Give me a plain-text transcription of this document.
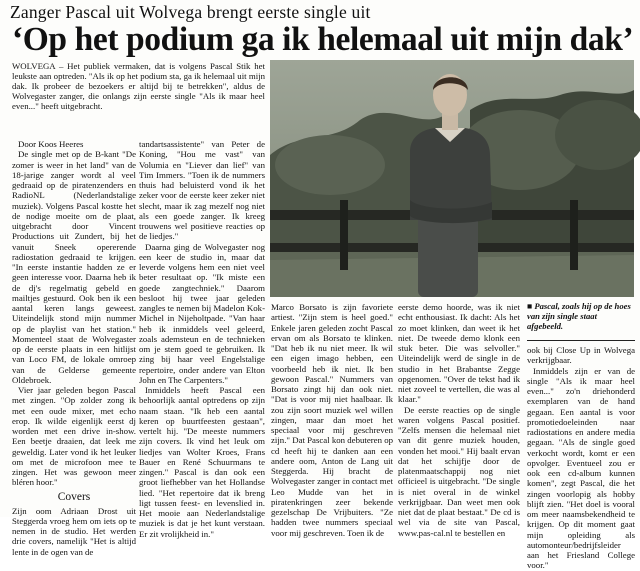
Zanger Pascal uit Wolvega brengt eerste single uit
‘Op het podium ga ik helemaal uit mijn dak’
WOLVEGA – Het publiek vermaken, dat is volgens Pascal Stik het leukste aan optreden. "Als ik op het podium sta, ga ik helemaal uit mijn dak. Ik probeer de bezoekers er altijd bij te betrekken", aldus de Wolvegaster zanger, die onlangs zijn eerste single "Als ik maar heel even..." heeft uitgebracht.

Door Koos Heeres

De single met op de B-kant "De zomer is weer in het land" van de 18-jarige zanger wordt al veel gedraaid op de piratenzenders en RadioNL (Nederlandstalige muziek). Volgens Pascal kostte het de nodige moeite om de plaat, uitgebracht door Vincent Productions uit Zundert, bij het vanuit Sneek opererende radiostation gedraaid te krijgen. "In eerste instantie hadden ze er geen interesse voor. Daarna heb ik de dj's regelmatig gebeld en mailtjes gestuurd. Ook ben ik een aantal keren langs geweest. Uiteindelijk stond mijn nummer op de playlist van het station." Momenteel staat de Wolvegaster op de eerste plaats in een hitlijst van Loco FM, de lokale omroep van de Gelderse gemeente Oldebroek.

Vier jaar geleden begon Pascal met zingen. "Op zolder zong ik met een oude mixer, met echo erop. Ik wilde eigenlijk eerst dj worden met een drive in-show. Een beetje draaien, dat leek me geweldig. Later vond ik het leuker om met de microfoon mee te zingen. Het was gewoon meer bléren hoor."

Covers

Zijn oom Adriaan Drost uit Steggerda vroeg hem om iets op te nemen in de studio. Het werden drie covers, namelijk "Het is altijd lente in de ogen van de

tandartsassistente" van Peter de Koning, "Hou me vast" van Volumia en "Liever dan lief" van Tim Immers. "Toen ik de nummers thuis had beluisterd vond ik het zeker voor de eerste keer zeker niet slecht, maar ik zag mezelf nog niet als een goede zanger. Ik kreeg trouwens wel positieve reacties op de liedjes."

Daarna ging de Wolvegaster nog een keer de studio in, maar dat leverde volgens hem een niet veel beter resultaat op. "Ik miste een goede zangtechniek." Daarom besloot hij twee jaar geleden zangles te nemen bij Madelon Kok-Michel in Nijeholtpade. "Van haar heb ik inmiddels veel geleerd, zoals ademsteun en de technieken om je stem goed te gebruiken. Ik zing bij haar veel Engelstalige repertoire, onder andere van Elton John en The Carpenters."

Inmiddels heeft Pascal een behoorlijk aantal optredens op zijn naam staan. "Ik heb een aantal keren op buurtfeesten gestaan", vertelt hij. "De meeste nummers zijn covers. Ik vind het leuk om liedjes van Wolter Kroes, Frans Bauer en René Schuurmans te zingen." Pascal is dan ook een groot liefhebber van het Hollandse lied. "Het repertoire dat ik breng ligt tussen feest- en levenslied in. Het mooie aan Nederlandstalige muziek is dat je het kunt verstaan. Er zit vrolijkheid in."

Marco Borsato is zijn favoriete artiest. "Zijn stem is heel goed." Enkele jaren geleden zocht Pascal ervan om als Borsato te klinken. "Dat heb ik nu niet meer. Ik wil een eigen imago hebben, een voorbeeld heb ik niet. Ik ben gewoon Pascal." Nummers van Borsato zingt hij dan ook niet. "Dat is voor mij niet haalbaar. Ik zou zijn soort muziek wel willen zingen, maar dan moet het speciaal voor mij geschreven zijn." Dat Pascal kon debuteren op cd heeft hij te danken aan een andere oom, Anton de Lang uit Steggerda. Hij bracht de Wolvegaster zanger in contact met Leo Mudde van het in piratenkringen zeer bekende gezelschap De Vrijbuiters. "Ze hadden twee nummers speciaal voor mij geschreven. Toen ik de

eerste demo hoorde, was ik niet echt enthousiast. Ik dacht: Als het zo moet klinken, dan weet ik het niet. De tweede demo klonk een stuk beter. Die was selvoller." Uiteindelijk werd de single in de studio in het Brabantse Zegge opgenomen. "Over de tekst had ik niet zoveel te vertellen, die was al klaar."

De eerste reacties op de single waren volgens Pascal positief. "Zelfs mensen die helemaal niet van dit genre muziek houden, vonden het mooi." Hij baalt ervan dat het schijfje door de platenmaatschappij nog niet officieel is uitgebracht. "De single is niet overal in de winkel verkrijgbaar. Dan weet men ook niet dat de plaat bestaat." De cd is wel via de site van Pascal, www.pas-cal.nl te bestellen en

■ Pascal, zoals hij op de hoes van zijn single staat afgebeeld.

ook bij Close Up in Wolvega verkrijgbaar.

Inmiddels zijn er van de single "Als ik maar heel even..." zo'n driehonderd exemplaren van de hand gegaan. Een aantal is voor promotiedoeleinden naar radiostations en andere media gegaan. "Als de single goed verkocht wordt, komt er een opvolger. Eventueel zou er ook een cd-album kunnen komen", zegt Pascal, die het zingen voorlopig als hobby blijft zien. "Het doel is vooral om meer naamsbekendheid te krijgen. Op dit moment gaat mijn opleiding als automonteur/bedrijfsleider aan het Friesland College voor."
